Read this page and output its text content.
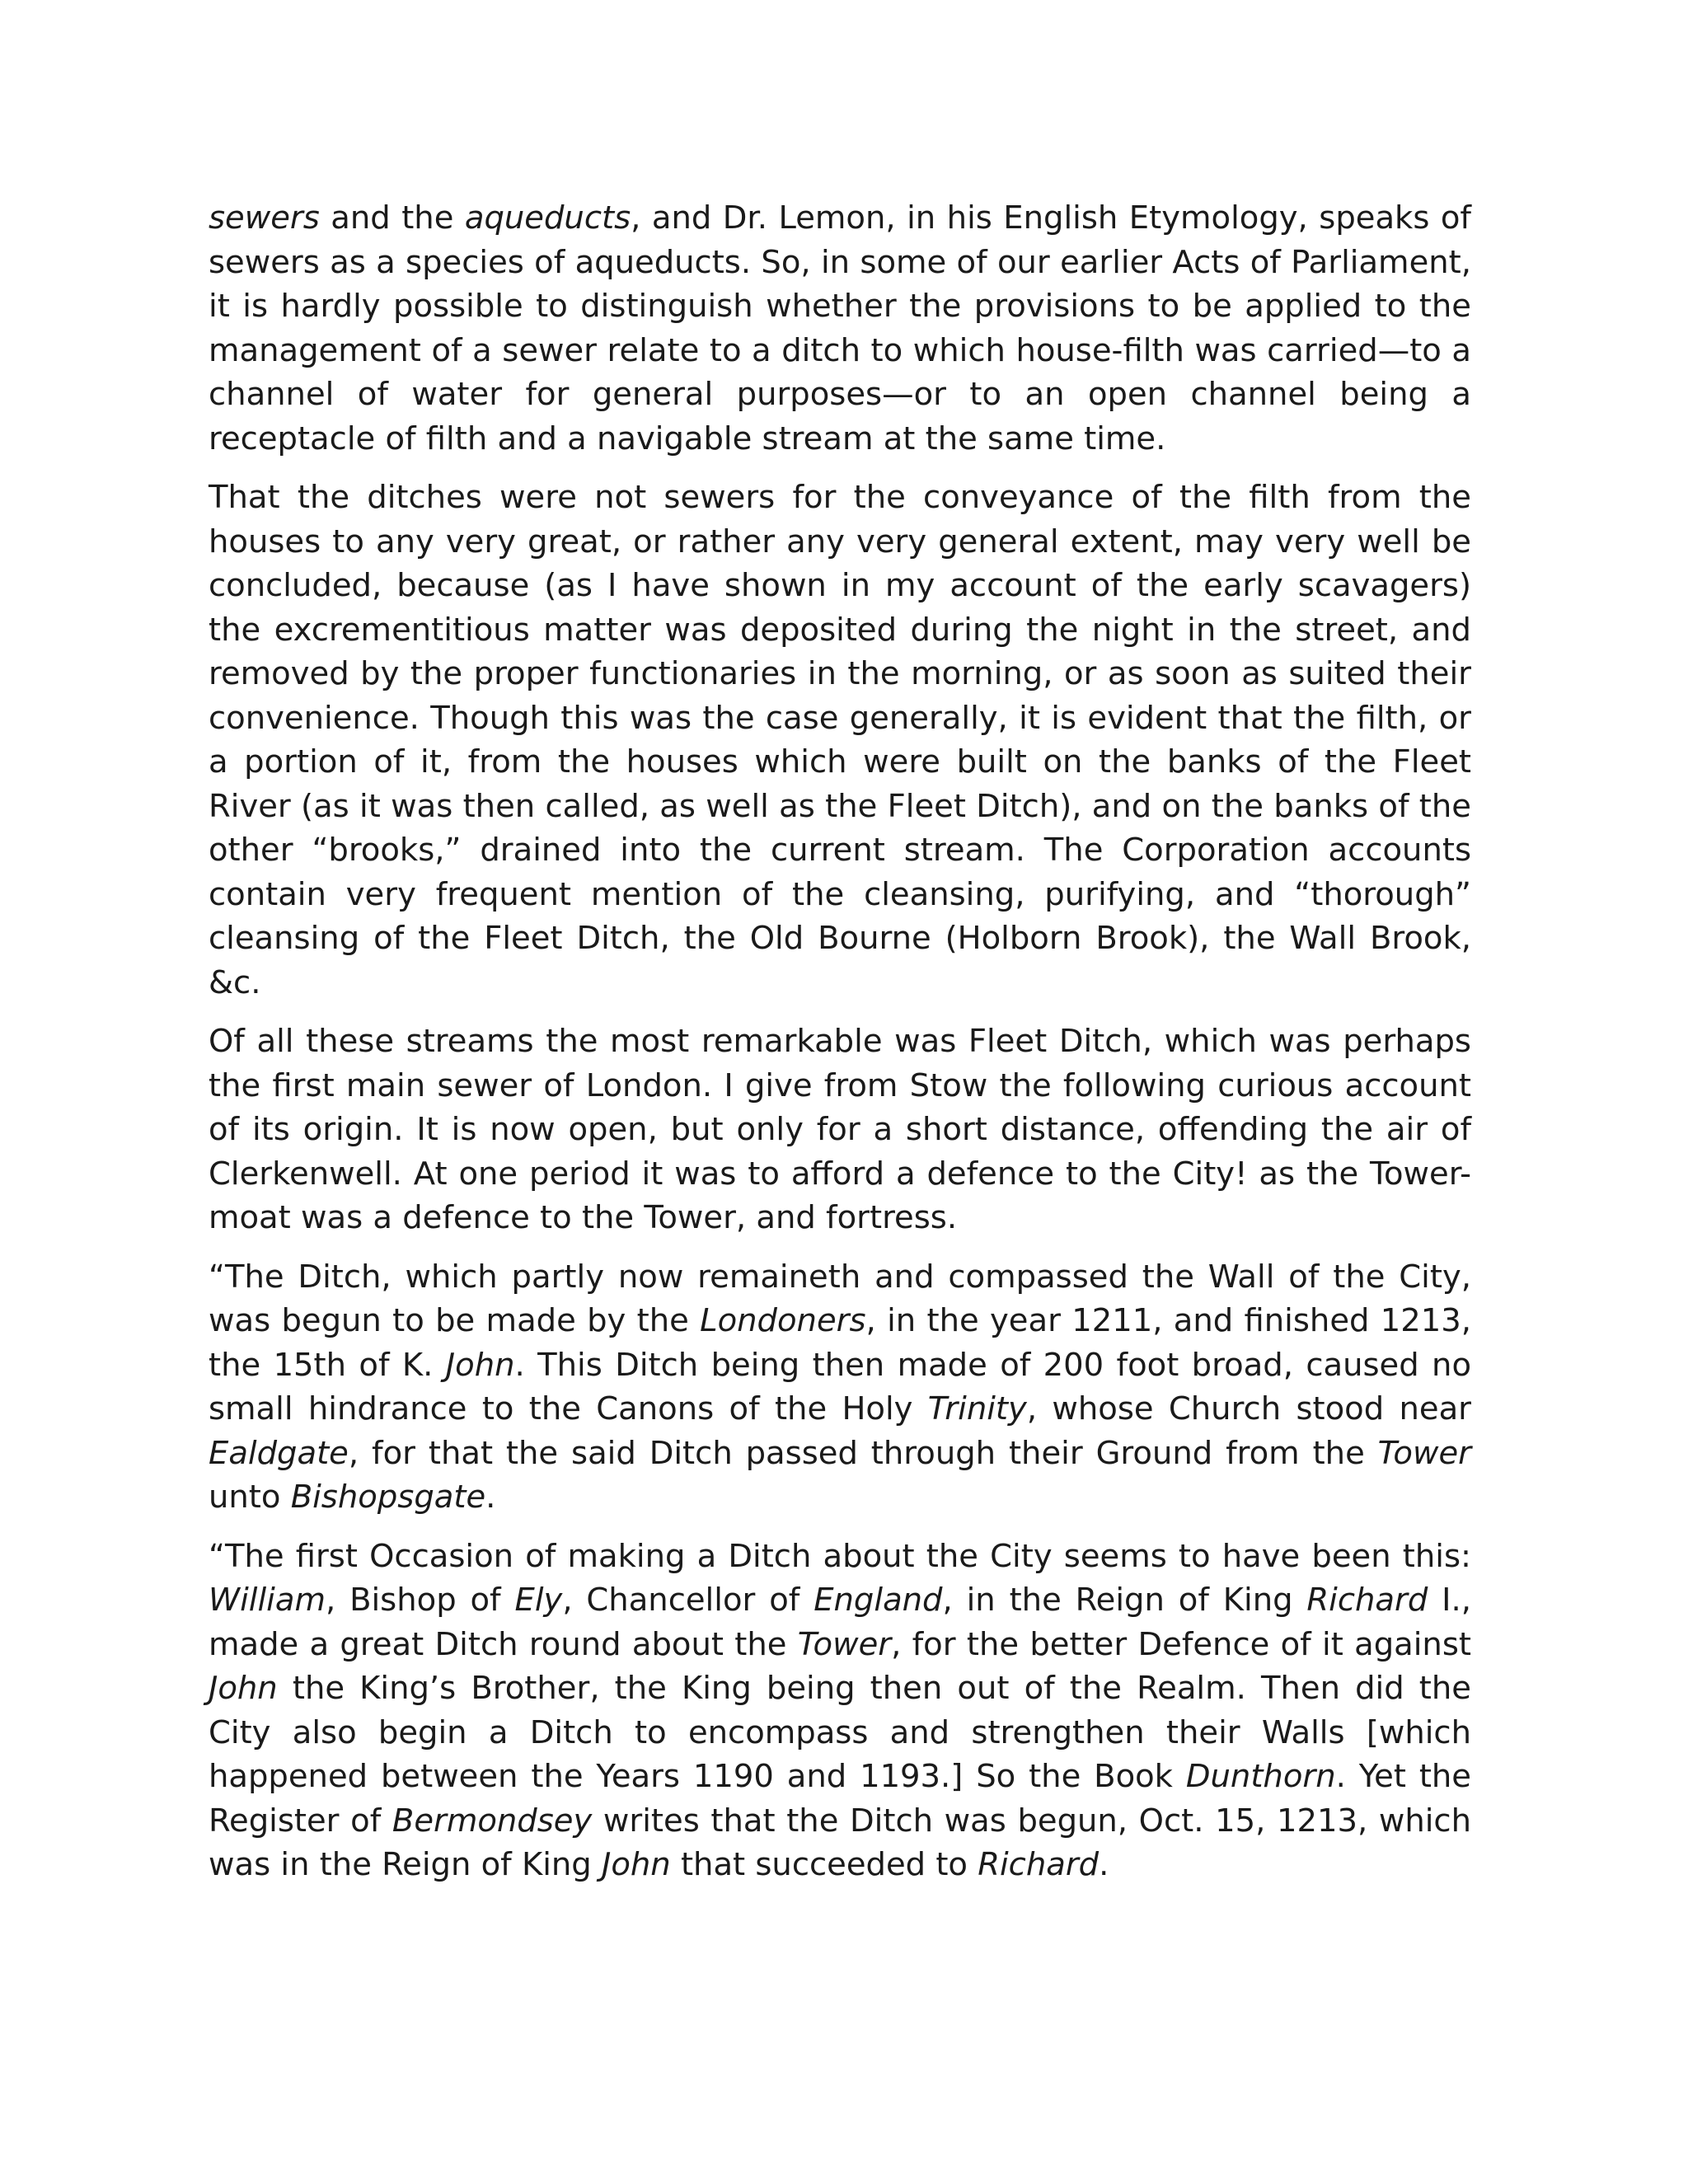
sewers and the aqueducts, and Dr. Lemon, in his English Etymology, speaks of sewers as a species of aqueducts. So, in some of our earlier Acts of Parliament, it is hardly possible to distinguish whether the provisions to be applied to the management of a sewer relate to a ditch to which house-filth was carried—to a channel of water for general purposes—or to an open channel being a receptacle of filth and a navigable stream at the same time.
That the ditches were not sewers for the conveyance of the filth from the houses to any very great, or rather any very general extent, may very well be concluded, because (as I have shown in my account of the early scavagers) the excrementitious matter was deposited during the night in the street, and removed by the proper functionaries in the morning, or as soon as suited their convenience. Though this was the case generally, it is evident that the filth, or a portion of it, from the houses which were built on the banks of the Fleet River (as it was then called, as well as the Fleet Ditch), and on the banks of the other “brooks,” drained into the current stream. The Corporation accounts contain very frequent mention of the cleansing, purifying, and “thorough” cleansing of the Fleet Ditch, the Old Bourne (Holborn Brook), the Wall Brook, &c.
Of all these streams the most remarkable was Fleet Ditch, which was perhaps the first main sewer of London. I give from Stow the following curious account of its origin. It is now open, but only for a short distance, offending the air of Clerkenwell. At one period it was to afford a defence to the City! as the Tower-moat was a defence to the Tower, and fortress.
“The Ditch, which partly now remaineth and compassed the Wall of the City, was begun to be made by the Londoners, in the year 1211, and finished 1213, the 15th of K. John. This Ditch being then made of 200 foot broad, caused no small hindrance to the Canons of the Holy Trinity, whose Church stood near Ealdgate, for that the said Ditch passed through their Ground from the Tower unto Bishopsgate.
“The first Occasion of making a Ditch about the City seems to have been this: William, Bishop of Ely, Chancellor of England, in the Reign of King Richard I., made a great Ditch round about the Tower, for the better Defence of it against John the King’s Brother, the King being then out of the Realm. Then did the City also begin a Ditch to encompass and strengthen their Walls [which happened between the Years 1190 and 1193.] So the Book Dunthorn. Yet the Register of Bermondsey writes that the Ditch was begun, Oct. 15, 1213, which was in the Reign of King John that succeeded to Richard.
